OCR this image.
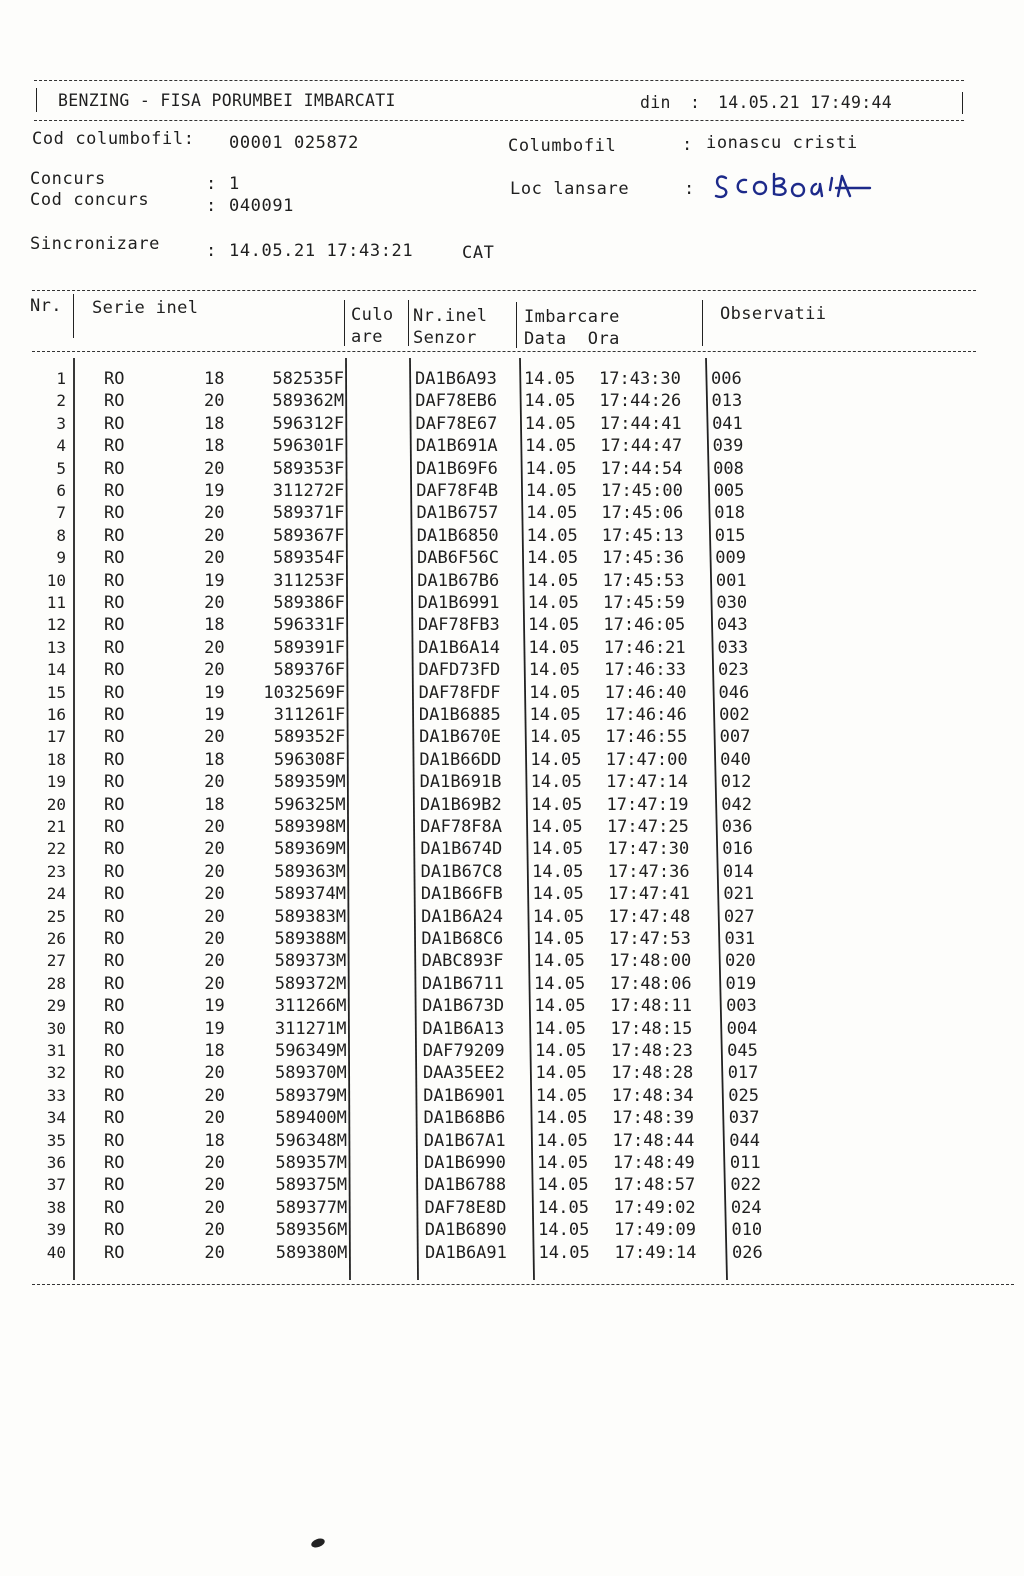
BENZING - FISA PORUMBEI IMBARCATI	din : 14.05.21 17:49:44
Cod columbofil: 00001 025872	Columbofil	: ionascu cristi
Concurs	: 1
Cod concurs	: 040091
Loc lansare	:
Sincronizare	: 14.05.21 17:43:21	CAT
Nr. Serie inel	Culo
are
Nr.inel
Senzor
Imbarcare
Data  Ora
Observatii
1 RO	18	582535F	DA1B6A93 14.05 17:43:30 006
2 RO	20	589362M	DAF78EB6 14.05 17:44:26 013
3 RO	18	596312F	DAF78E67 14.05 17:44:41 041
4 RO	18	596301F	DA1B691A 14.05 17:44:47 039
5 RO	20	589353F	DA1B69F6 14.05 17:44:54 008
6 RO	19	311272F	DAF78F4B 14.05 17:45:00 005
7 RO	20	589371F	DA1B6757 14.05 17:45:06 018
8 RO	20	589367F	DA1B6850 14.05 17:45:13 015
9 RO	20	589354F	DAB6F56C 14.05 17:45:36 009
10 RO	19	311253F	DA1B67B6 14.05 17:45:53 001
11 RO	20	589386F	DA1B6991 14.05 17:45:59 030
12 RO	18	596331F	DAF78FB3 14.05 17:46:05 043
13 RO	20	589391F	DA1B6A14 14.05 17:46:21 033
14 RO	20	589376F	DAFD73FD 14.05 17:46:33 023
15 RO	19	1032569F	DAF78FDF 14.05 17:46:40 046
16 RO	19	311261F	DA1B6885 14.05 17:46:46 002
17 RO	20	589352F	DA1B670E 14.05 17:46:55 007
18 RO	18	596308F	DA1B66DD 14.05 17:47:00 040
19 RO	20	589359M	DA1B691B 14.05 17:47:14 012
20 RO	18	596325M	DA1B69B2 14.05 17:47:19 042
21 RO	20	589398M	DAF78F8A 14.05 17:47:25 036
22 RO	20	589369M	DA1B674D 14.05 17:47:30 016
23 RO	20	589363M	DA1B67C8 14.05 17:47:36 014
24 RO	20	589374M	DA1B66FB 14.05 17:47:41 021
25 RO	20	589383M	DA1B6A24 14.05 17:47:48 027
26 RO	20	589388M	DA1B68C6 14.05 17:47:53 031
27 RO	20	589373M	DABC893F 14.05 17:48:00 020
28 RO	20	589372M	DA1B6711 14.05 17:48:06 019
29 RO	19	311266M	DA1B673D 14.05 17:48:11 003
30 RO	19	311271M	DA1B6A13 14.05 17:48:15 004
31 RO	18	596349M	DAF79209 14.05 17:48:23 045
32 RO	20	589370M	DAA35EE2 14.05 17:48:28 017
33 RO	20	589379M	DA1B6901 14.05 17:48:34 025
34 RO	20	589400M	DA1B68B6 14.05 17:48:39 037
35 RO	18	596348M	DA1B67A1 14.05 17:48:44 044
36 RO	20	589357M	DA1B6990 14.05 17:48:49 011
37 RO	20	589375M	DA1B6788 14.05 17:48:57 022
38 RO	20	589377M	DAF78E8D 14.05 17:49:02 024
39 RO	20	589356M	DA1B6890 14.05 17:49:09 010
40 RO	20	589380M	DA1B6A91 14.05 17:49:14 026
